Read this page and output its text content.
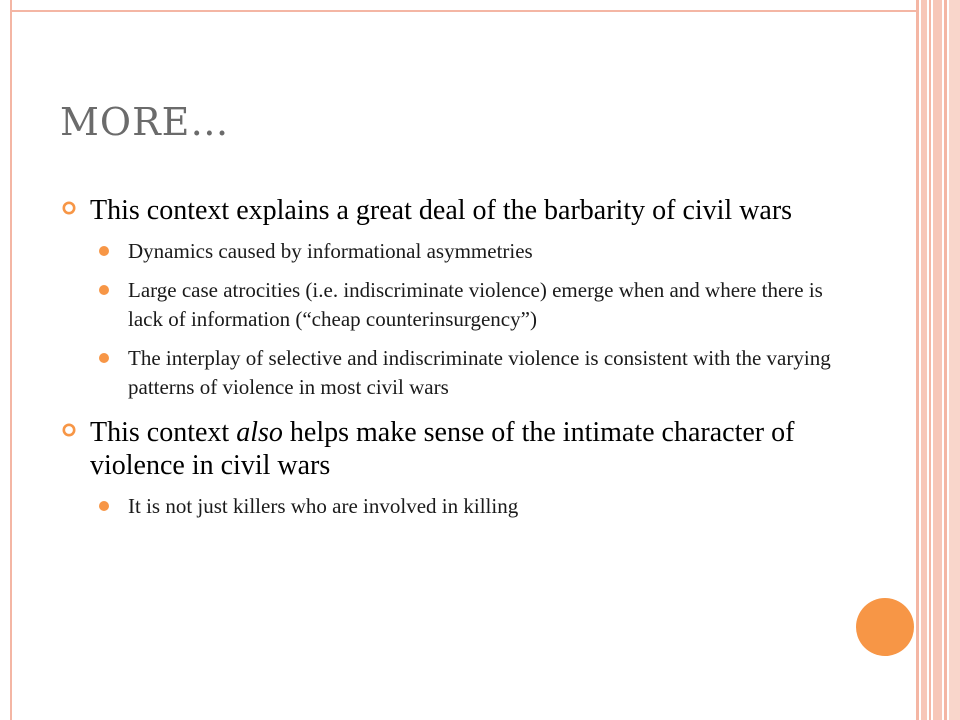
MORE…
This context explains a great deal of the barbarity of civil wars
Dynamics caused by informational asymmetries
Large case atrocities (i.e. indiscriminate violence) emerge when and where there is lack of information (“cheap counterinsurgency”)
The interplay of selective and indiscriminate violence is consistent with the varying patterns of violence in most civil wars
This context also helps make sense of the intimate character of violence in civil wars
It is not just killers who are involved in killing
